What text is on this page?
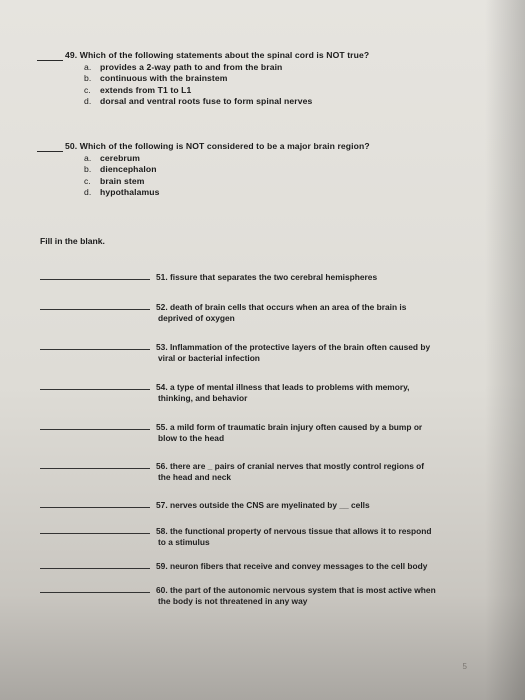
49. Which of the following statements about the spinal cord is NOT true?
a. provides a 2-way path to and from the brain
b. continuous with the brainstem
c. extends from T1 to L1
d. dorsal and ventral roots fuse to form spinal nerves
50. Which of the following is NOT considered to be a major brain region?
a. cerebrum
b. diencephalon
c. brain stem
d. hypothalamus
Fill in the blank.
51. fissure that separates the two cerebral hemispheres
52. death of brain cells that occurs when an area of the brain is
deprived of oxygen
53. Inflammation of the protective layers of the brain often caused by
viral or bacterial infection
54. a type of mental illness that leads to problems with memory,
thinking, and behavior
55. a mild form of traumatic brain injury often caused by a bump or
blow to the head
56. there are _ pairs of cranial nerves that mostly control regions of
the head and neck
57. nerves outside the CNS are myelinated by __ cells
58. the functional property of nervous tissue that allows it to respond
to a stimulus
59. neuron fibers that receive and convey messages to the cell body
60. the part of the autonomic nervous system that is most active when
the body is not threatened in any way
5
